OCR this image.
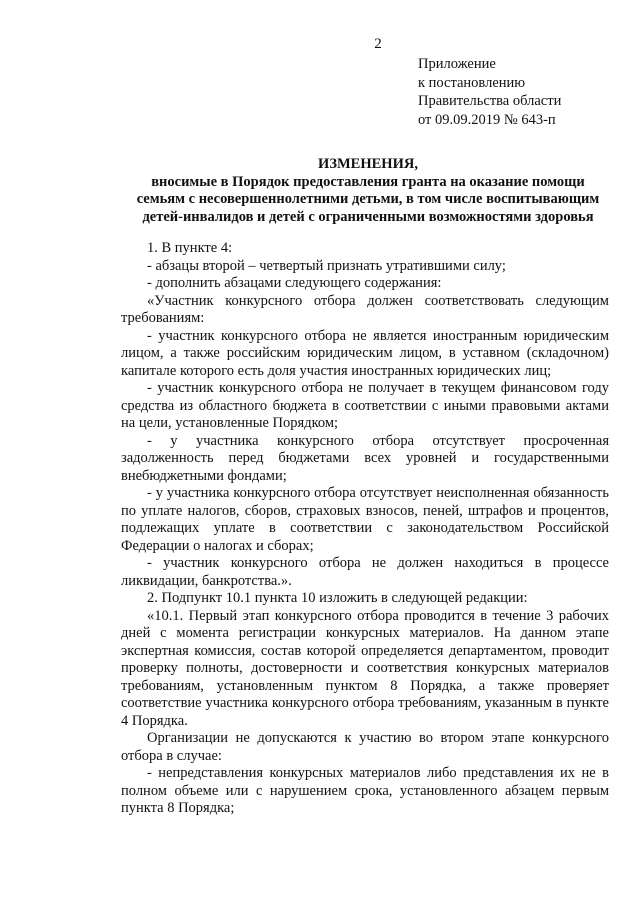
2
Приложение
к постановлению
Правительства области
от 09.09.2019 № 643-п
ИЗМЕНЕНИЯ,
вносимые в Порядок предоставления гранта на оказание помощи
семьям с несовершеннолетними детьми, в том числе воспитывающим
детей-инвалидов и детей с ограниченными возможностями здоровья

1. В пункте 4:

- абзацы второй – четвертый признать утратившими силу;

- дополнить абзацами следующего содержания:

«Участник конкурсного отбора должен соответствовать следующим требованиям:

- участник конкурсного отбора не является иностранным юридическим лицом, а также российским юридическим лицом, в уставном (складочном) капитале которого есть доля участия иностранных юридических лиц;

- участник конкурсного отбора не получает в текущем финансовом году средства из областного бюджета в соответствии с иными правовыми актами на цели, установленные Порядком;

- у участника конкурсного отбора отсутствует просроченная задолженность перед бюджетами всех уровней и государственными внебюджетными фондами;

- у участника конкурсного отбора отсутствует неисполненная обязанность по уплате налогов, сборов, страховых взносов, пеней, штрафов и процентов, подлежащих уплате в соответствии с законодательством Российской Федерации о налогах и сборах;

- участник конкурсного отбора не должен находиться в процессе ликвидации, банкротства.».

2. Подпункт 10.1 пункта 10 изложить в следующей редакции:

«10.1. Первый этап конкурсного отбора проводится в течение 3 рабочих дней с момента регистрации конкурсных материалов. На данном этапе экспертная комиссия, состав которой определяется департаментом, проводит проверку полноты, достоверности и соответствия конкурсных материалов требованиям, установленным пунктом 8 Порядка, а также проверяет соответствие участника конкурсного отбора требованиям, указанным в пункте 4 Порядка.

Организации не допускаются к участию во втором этапе конкурсного отбора в случае:

- непредставления конкурсных материалов либо представления их не в полном объеме или с нарушением срока, установленного абзацем первым пункта 8 Порядка;
